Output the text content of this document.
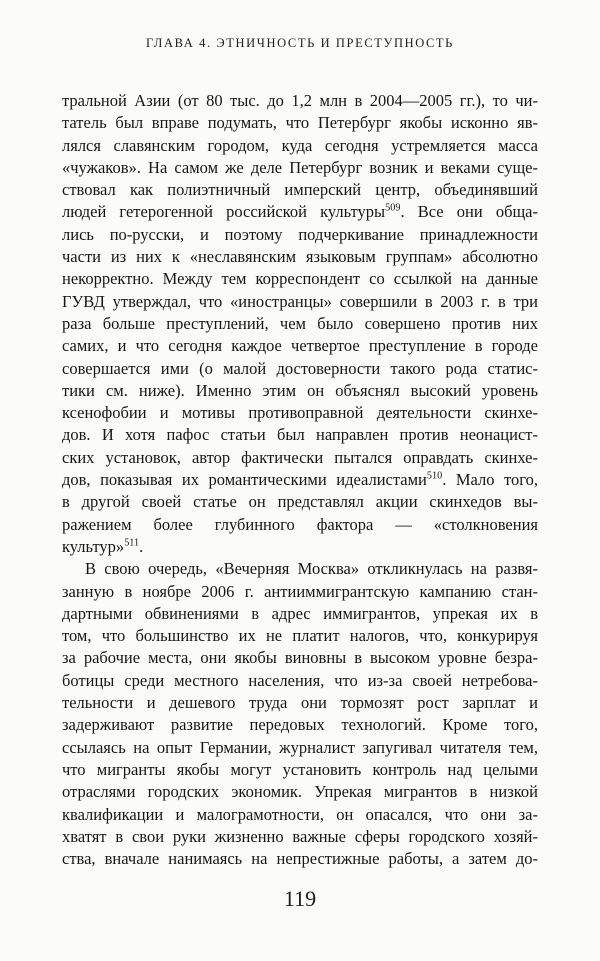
ГЛАВА 4. ЭТНИЧНОСТЬ И ПРЕСТУПНОСТЬ
тральной Азии (от 80 тыс. до 1,2 млн в 2004—2005 гг.), то чи-
татель был вправе подумать, что Петербург якобы исконно яв-
лялся славянским городом, куда сегодня устремляется масса
«чужаков». На самом же деле Петербург возник и веками суще-
ствовал как полиэтничный имперский центр, объединявший
людей гетерогенной российской культуры$^{509}$. Все они обща-
лись по-русски, и поэтому подчеркивание принадлежности
части из них к «неславянским языковым группам» абсолютно
некорректно. Между тем корреспондент со ссылкой на данные
ГУВД утверждал, что «иностранцы» совершили в 2003 г. в три
раза больше преступлений, чем было совершено против них
самих, и что сегодня каждое четвертое преступление в городе
совершается ими (о малой достоверности такого рода статис-
тики см. ниже). Именно этим он объяснял высокий уровень
ксенофобии и мотивы противоправной деятельности скинхе-
дов. И хотя пафос статьи был направлен против неонацист-
ских установок, автор фактически пытался оправдать скинхе-
дов, показывая их романтическими идеалистами$^{510}$. Мало того,
в другой своей статье он представлял акции скинхедов вы-
ражением более глубинного фактора — «столкновения
культур»$^{511}$.
В свою очередь, «Вечерняя Москва» откликнулась на развя-
занную в ноябре 2006 г. антииммигрантскую кампанию стан-
дартными обвинениями в адрес иммигрантов, упрекая их в
том, что большинство их не платит налогов, что, конкурируя
за рабочие места, они якобы виновны в высоком уровне безра-
ботицы среди местного населения, что из-за своей нетребова-
тельности и дешевого труда они тормозят рост зарплат и
задерживают развитие передовых технологий. Кроме того,
ссылаясь на опыт Германии, журналист запугивал читателя тем,
что мигранты якобы могут установить контроль над целыми
отраслями городских экономик. Упрекая мигрантов в низкой
квалификации и малограмотности, он опасался, что они за-
хватят в свои руки жизненно важные сферы городского хозяй-
ства, вначале нанимаясь на непрестижные работы, а затем до-
119
